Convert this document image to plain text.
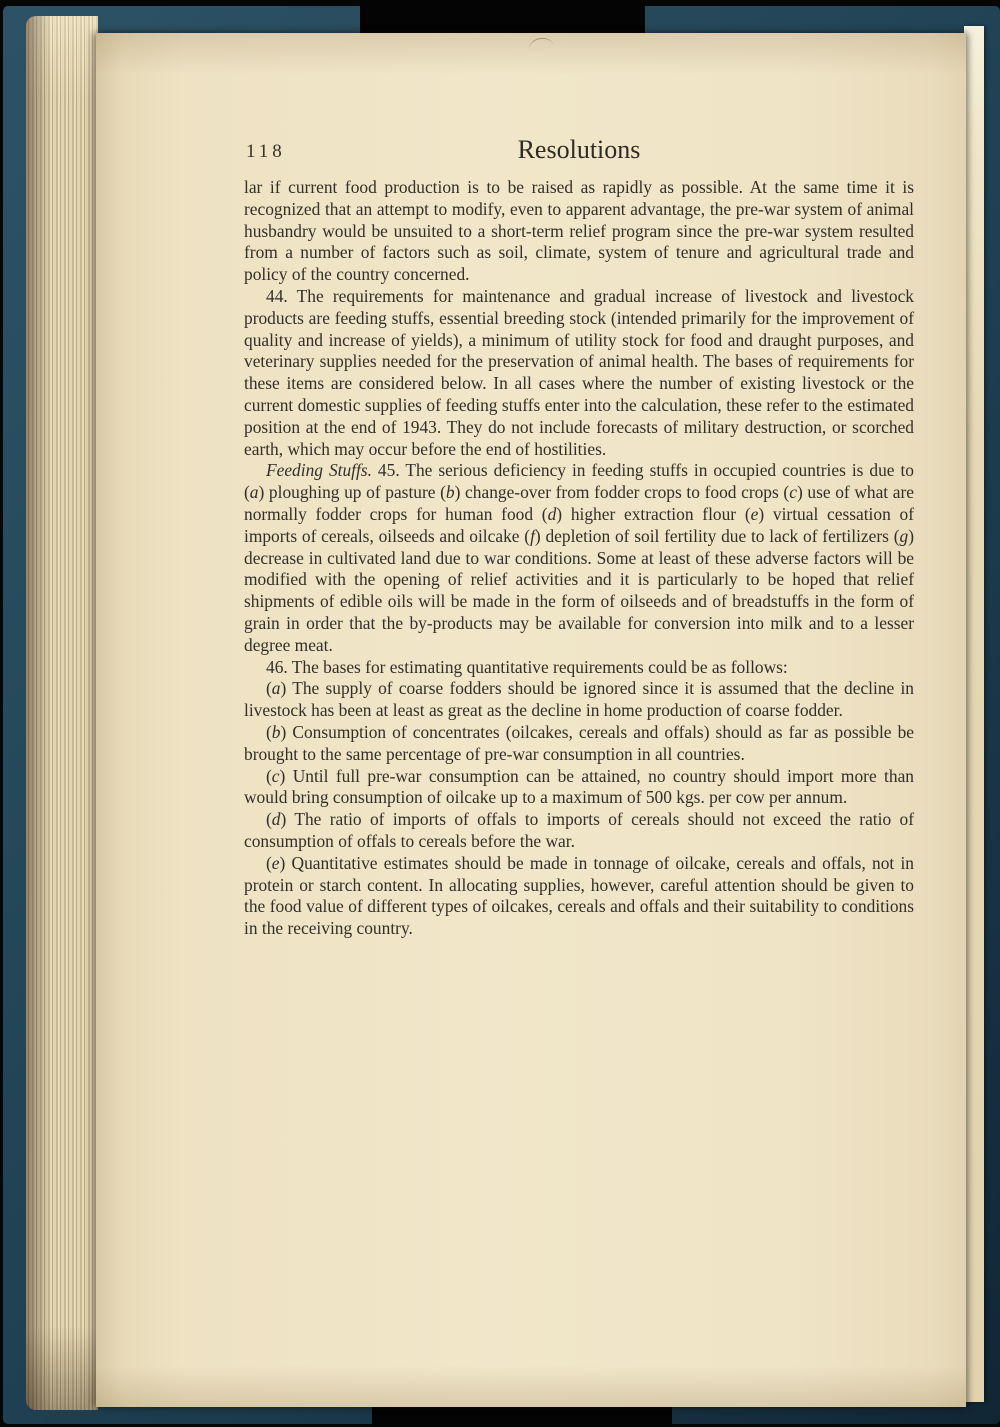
118	Resolutions

lar if current food production is to be raised as rapidly as possible. At the same time it is recognized that an attempt to modify, even to apparent advantage, the pre-war system of animal husbandry would be unsuited to a short-term relief program since the pre-war system resulted from a number of factors such as soil, climate, system of tenure and agricultural trade and policy of the country concerned.

44. The requirements for maintenance and gradual increase of livestock and livestock products are feeding stuffs, essential breeding stock (intended primarily for the improvement of quality and increase of yields), a minimum of utility stock for food and draught purposes, and veterinary supplies needed for the preservation of animal health. The bases of requirements for these items are considered below. In all cases where the number of existing livestock or the current domestic supplies of feeding stuffs enter into the calculation, these refer to the estimated position at the end of 1943. They do not include forecasts of military destruction, or scorched earth, which may occur before the end of hostilities.

Feeding Stuffs. 45. The serious deficiency in feeding stuffs in occupied countries is due to (a) ploughing up of pasture (b) change-over from fodder crops to food crops (c) use of what are normally fodder crops for human food (d) higher extraction flour (e) virtual cessation of imports of cereals, oilseeds and oilcake (f) depletion of soil fertility due to lack of fertilizers (g) decrease in cultivated land due to war conditions. Some at least of these adverse factors will be modified with the opening of relief activities and it is particularly to be hoped that relief shipments of edible oils will be made in the form of oilseeds and of breadstuffs in the form of grain in order that the by-products may be available for conversion into milk and to a lesser degree meat.

46. The bases for estimating quantitative requirements could be as follows:

(a) The supply of coarse fodders should be ignored since it is assumed that the decline in livestock has been at least as great as the decline in home production of coarse fodder.

(b) Consumption of concentrates (oilcakes, cereals and offals) should as far as possible be brought to the same percentage of pre-war consumption in all countries.

(c) Until full pre-war consumption can be attained, no country should import more than would bring consumption of oilcake up to a maximum of 500 kgs. per cow per annum.

(d) The ratio of imports of offals to imports of cereals should not exceed the ratio of consumption of offals to cereals before the war.

(e) Quantitative estimates should be made in tonnage of oilcake, cereals and offals, not in protein or starch content. In allocating supplies, however, careful attention should be given to the food value of different types of oilcakes, cereals and offals and their suitability to conditions in the receiving country.
